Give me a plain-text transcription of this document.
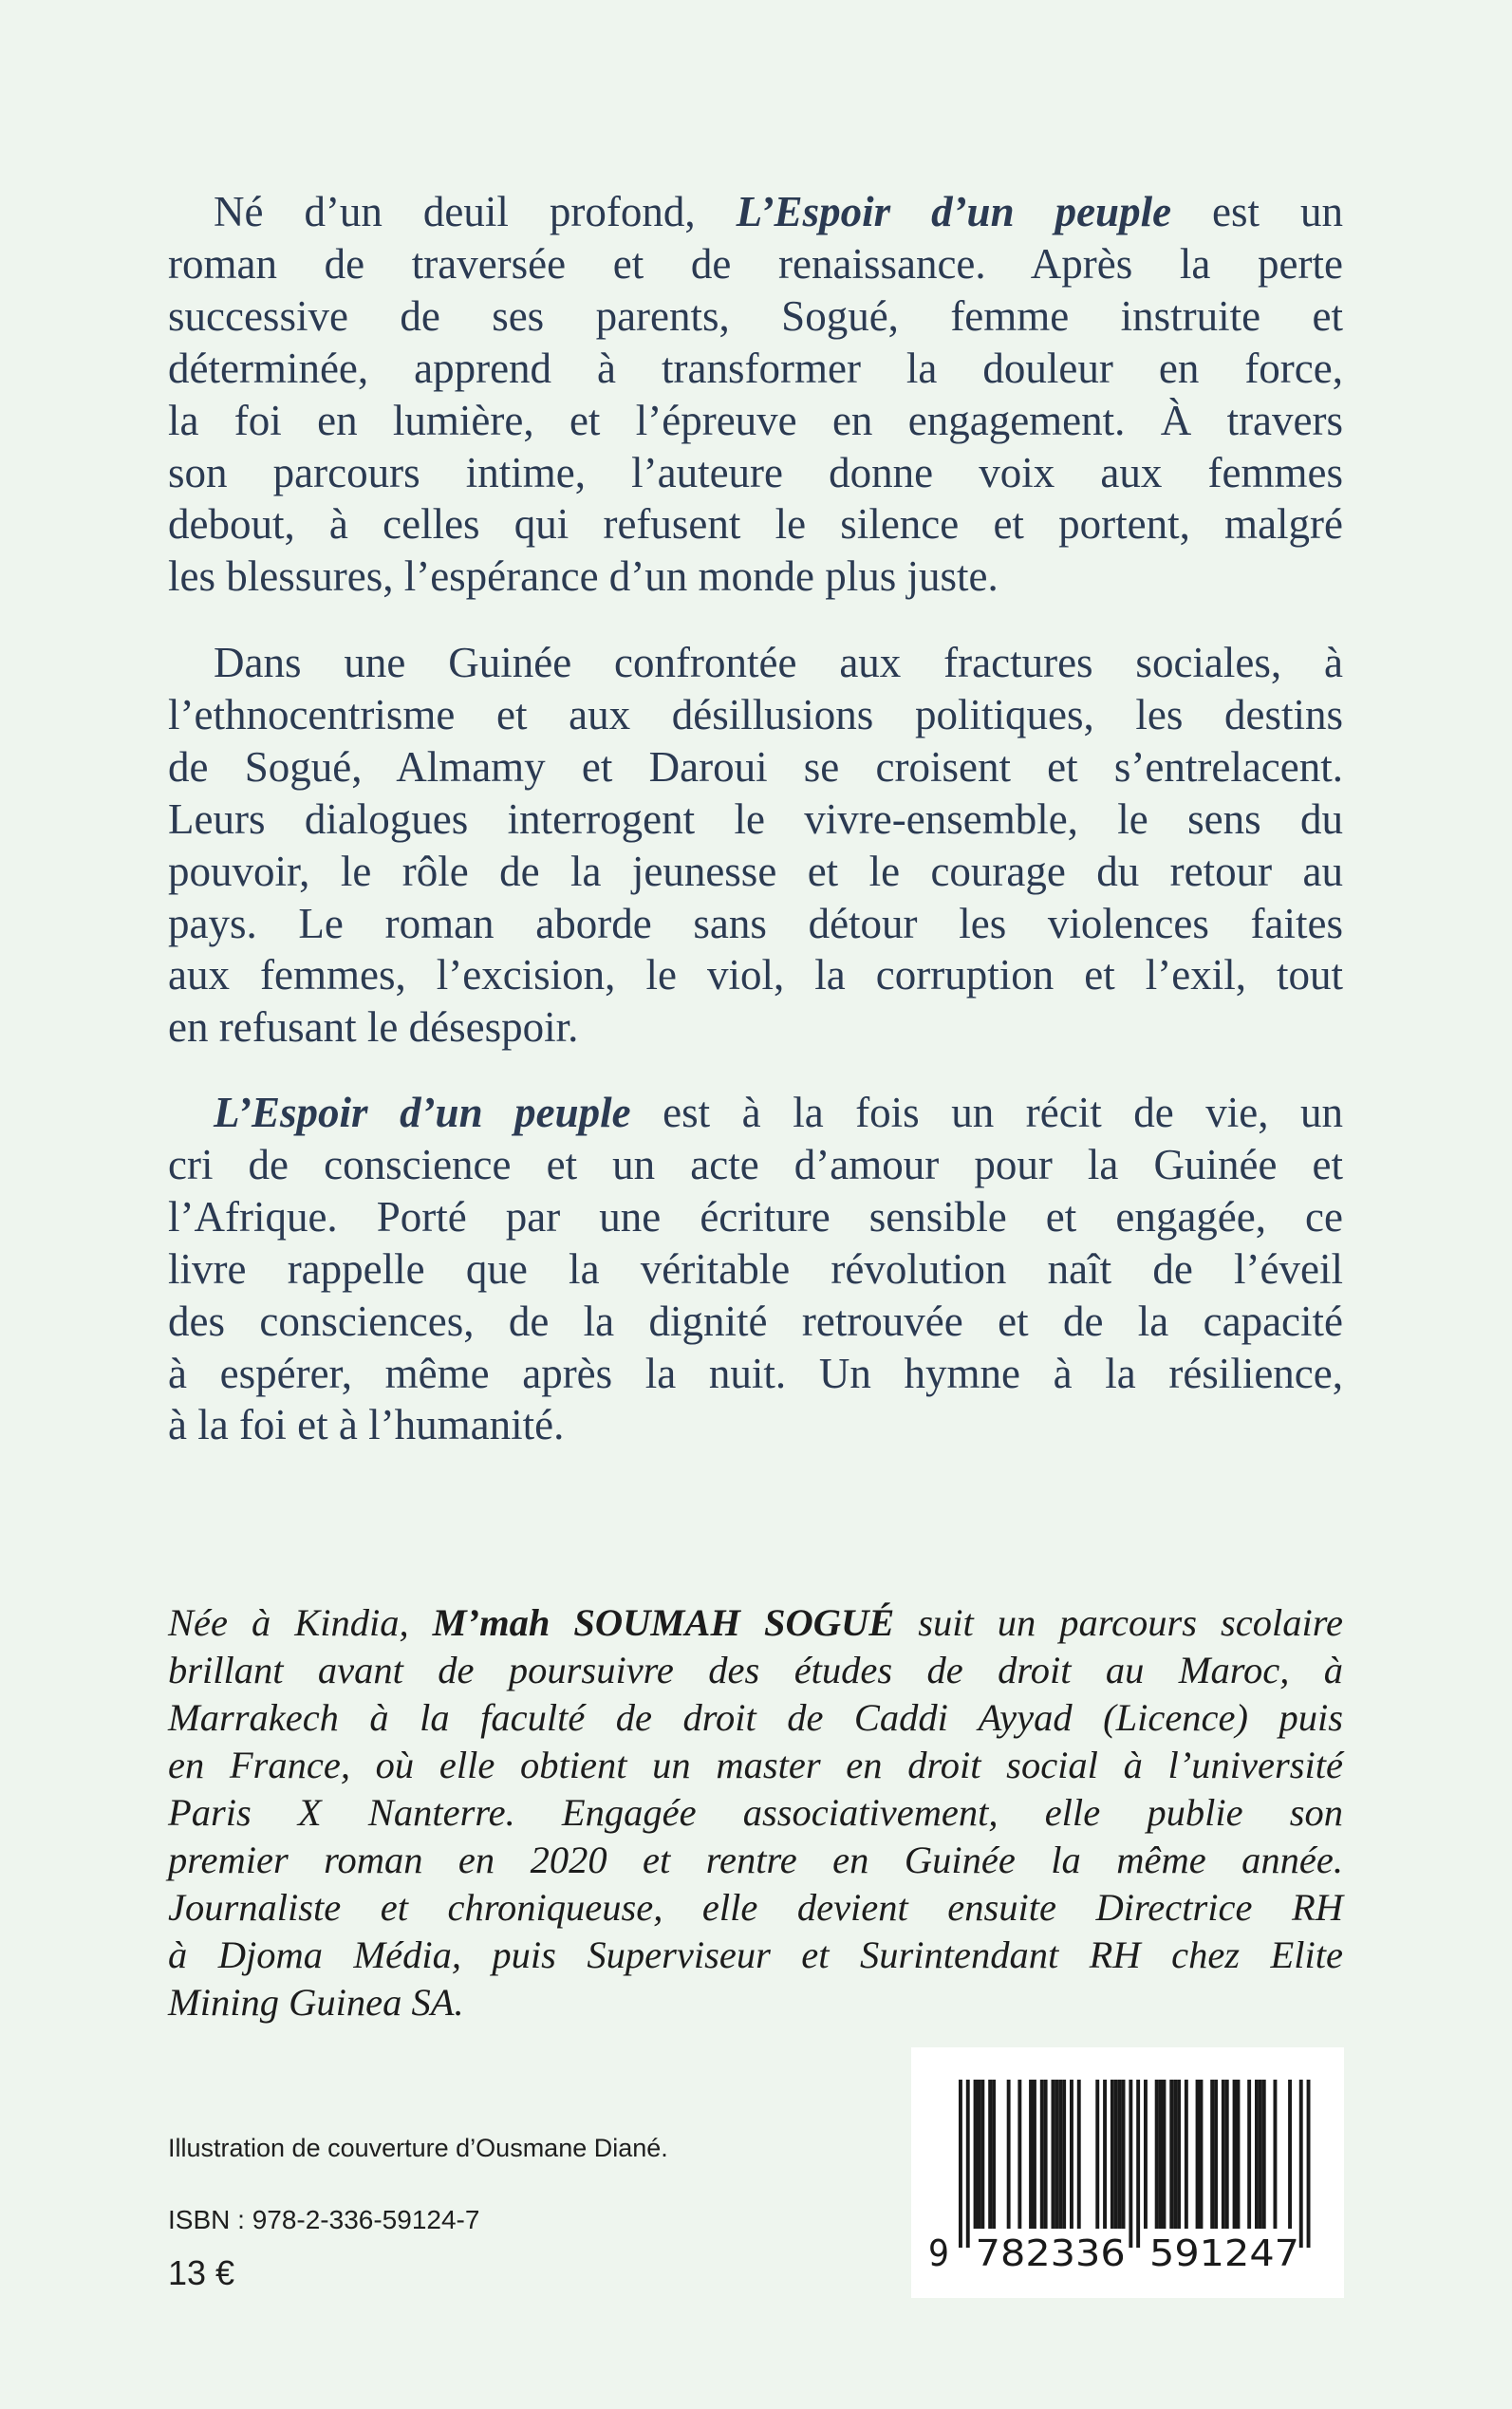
Né d’un deuil profond, L’Espoir d’un peuple est un
roman de traversée et de renaissance. Après la perte
successive de ses parents, Sogué, femme instruite et
déterminée, apprend à transformer la douleur en force,
la foi en lumière, et l’épreuve en engagement. À travers
son parcours intime, l’auteure donne voix aux femmes
debout, à celles qui refusent le silence et portent, malgré
les blessures, l’espérance d’un monde plus juste.
Dans une Guinée confrontée aux fractures sociales, à
l’ethnocentrisme et aux désillusions politiques, les destins
de Sogué, Almamy et Daroui se croisent et s’entrelacent.
Leurs dialogues interrogent le vivre-ensemble, le sens du
pouvoir, le rôle de la jeunesse et le courage du retour au
pays. Le roman aborde sans détour les violences faites
aux femmes, l’excision, le viol, la corruption et l’exil, tout
en refusant le désespoir.
L’Espoir d’un peuple est à la fois un récit de vie, un
cri de conscience et un acte d’amour pour la Guinée et
l’Afrique. Porté par une écriture sensible et engagée, ce
livre rappelle que la véritable révolution naît de l’éveil
des consciences, de la dignité retrouvée et de la capacité
à espérer, même après la nuit. Un hymne à la résilience,
à la foi et à l’humanité.
Née à Kindia, M’mah SOUMAH SOGUÉ suit un parcours scolaire
brillant avant de poursuivre des études de droit au Maroc, à
Marrakech à la faculté de droit de Caddi Ayyad (Licence) puis
en France, où elle obtient un master en droit social à l’université
Paris X Nanterre. Engagée associativement, elle publie son
premier roman en 2020 et rentre en Guinée la même année.
Journaliste et chroniqueuse, elle devient ensuite Directrice RH
à Djoma Média, puis Superviseur et Surintendant RH chez Elite
Mining Guinea SA.
Illustration de couverture d’Ousmane Diané.
ISBN : 978-2-336-59124-7
13 €	9 782336 591247
